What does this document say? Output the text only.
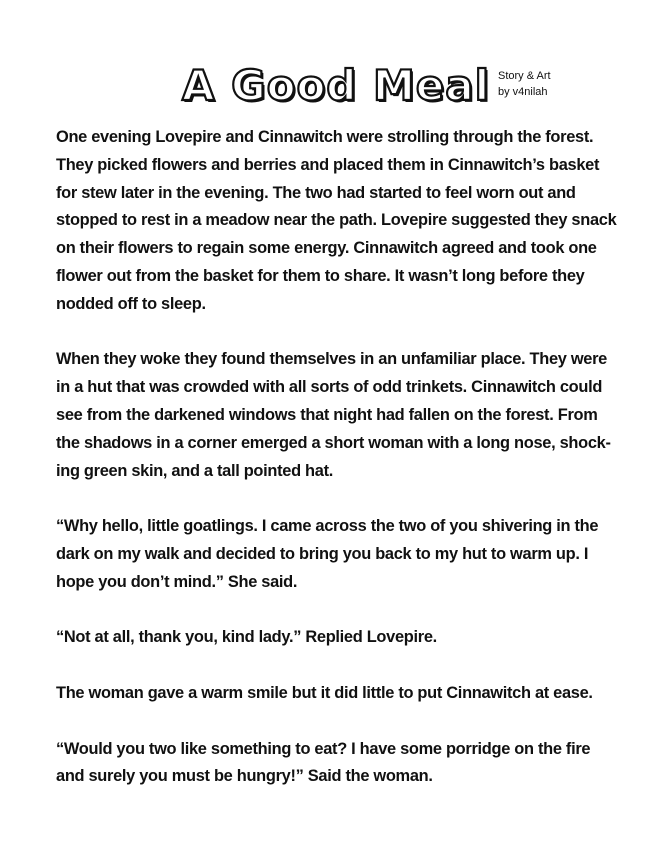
A Good Meal Story & Art
by v4nilah

One evening Lovepire and Cinnawitch were strolling through the forest. They picked flowers and berries and placed them in Cinnawitch’s basket for stew later in the evening. The two had started to feel worn out and stopped to rest in a meadow near the path. Lovepire suggested they snack on their flowers to regain some energy. Cinnawitch agreed and took one flower out from the basket for them to share. It wasn’t long before they nodded off to sleep.

When they woke they found themselves in an unfamiliar place. They were in a hut that was crowded with all sorts of odd trinkets. Cinnawitch could see from the darkened windows that night had fallen on the forest. From the shadows in a corner emerged a short woman with a long nose, shock-ing green skin, and a tall pointed hat.

“Why hello, little goatlings. I came across the two of you shivering in the dark on my walk and decided to bring you back to my hut to warm up. I hope you don’t mind.” She said.

“Not at all, thank you, kind lady.” Replied Lovepire.

The woman gave a warm smile but it did little to put Cinnawitch at ease.

“Would you two like something to eat? I have some porridge on the fire and surely you must be hungry!” Said the woman.
